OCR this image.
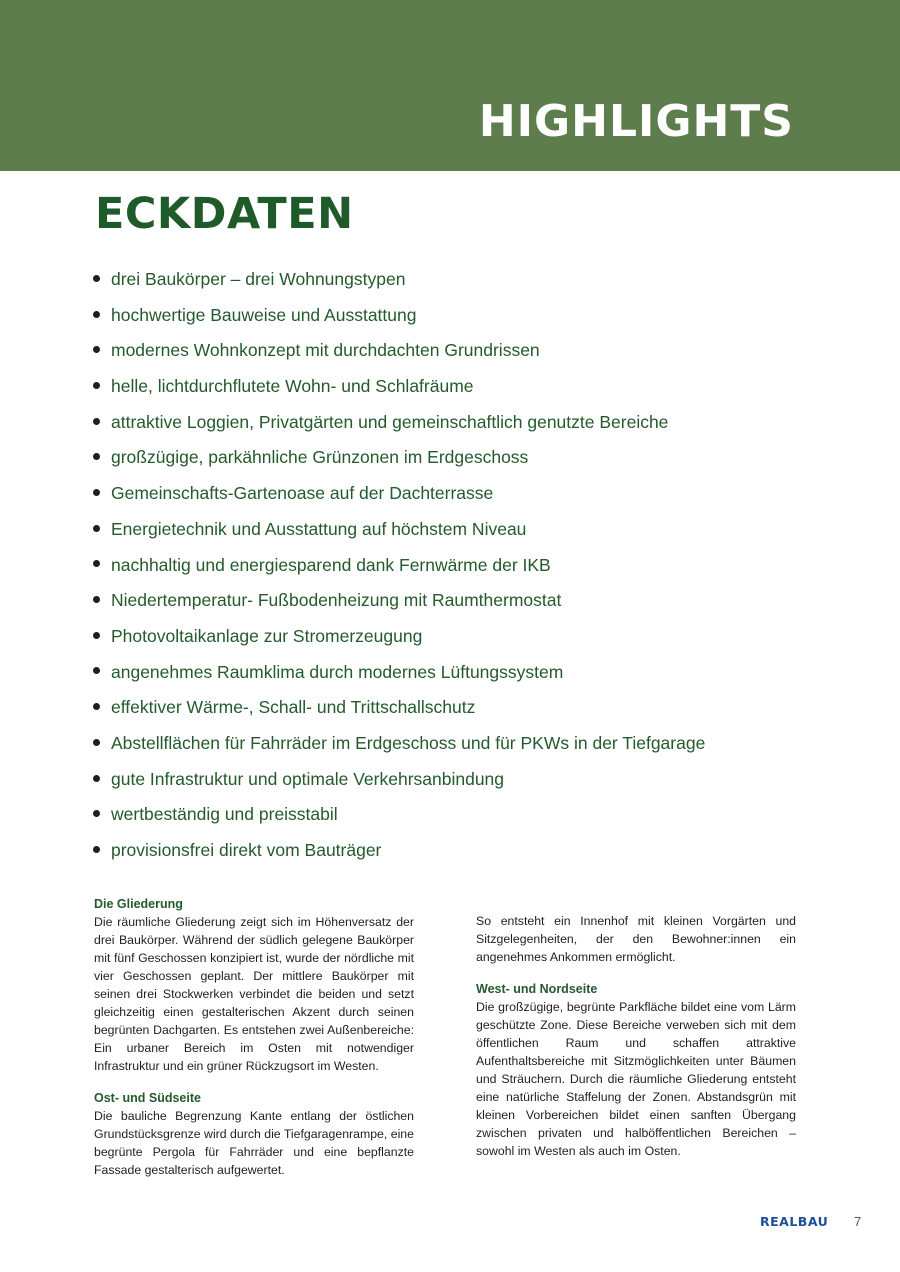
HIGHLIGHTS
ECKDATEN
drei Baukörper – drei Wohnungstypen
hochwertige Bauweise und Ausstattung
modernes Wohnkonzept mit durchdachten Grundrissen
helle, lichtdurchflutete Wohn- und Schlafräume
attraktive Loggien, Privatgärten und gemeinschaftlich genutzte Bereiche
großzügige, parkähnliche Grünzonen im Erdgeschoss
Gemeinschafts-Gartenoase auf der Dachterrasse
Energietechnik und Ausstattung auf höchstem Niveau
nachhaltig und energiesparend dank Fernwärme der IKB
Niedertemperatur- Fußbodenheizung mit Raumthermostat
Photovoltaikanlage zur Stromerzeugung
angenehmes Raumklima durch modernes Lüftungssystem
effektiver Wärme-, Schall- und Trittschallschutz
Abstellflächen für Fahrräder im Erdgeschoss und für PKWs in der Tiefgarage
gute Infrastruktur und optimale Verkehrsanbindung
wertbeständig und preisstabil
provisionsfrei direkt vom Bauträger

Die Gliederung

Die räumliche Gliederung zeigt sich im Höhenversatz der drei Baukörper. Während der südlich gelegene Baukörper mit fünf Geschossen konzipiert ist, wurde der nördliche mit vier Geschossen geplant. Der mittlere Baukörper mit seinen drei Stockwerken verbindet die beiden und setzt gleichzeitig einen gestalterischen Akzent durch seinen begrünten Dachgarten. Es entstehen zwei Außenbereiche: Ein urbaner Bereich im Osten mit notwendiger Infrastruktur und ein grüner Rückzugsort im Westen.

Ost- und Südseite

Die bauliche Begrenzung Kante entlang der östlichen Grundstücksgrenze wird durch die Tiefgaragenrampe, eine begrünte Pergola für Fahrräder und eine bepflanzte Fassade gestalterisch aufgewertet.

So entsteht ein Innenhof mit kleinen Vorgärten und Sitzgelegenheiten, der den Bewohner:innen ein angenehmes Ankommen ermöglicht.

West- und Nordseite

Die großzügige, begrünte Parkfläche bildet eine vom Lärm geschützte Zone. Diese Bereiche verweben sich mit dem öffentlichen Raum und schaffen attraktive Aufenthaltsbereiche mit Sitzmöglichkeiten unter Bäumen und Sträuchern. Durch die räumliche Gliederung entsteht eine natürliche Staffelung der Zonen. Abstandsgrün mit kleinen Vorbereichen bildet einen sanften Übergang zwischen privaten und halböffentlichen Bereichen – sowohl im Westen als auch im Osten.

REALBAU 7
